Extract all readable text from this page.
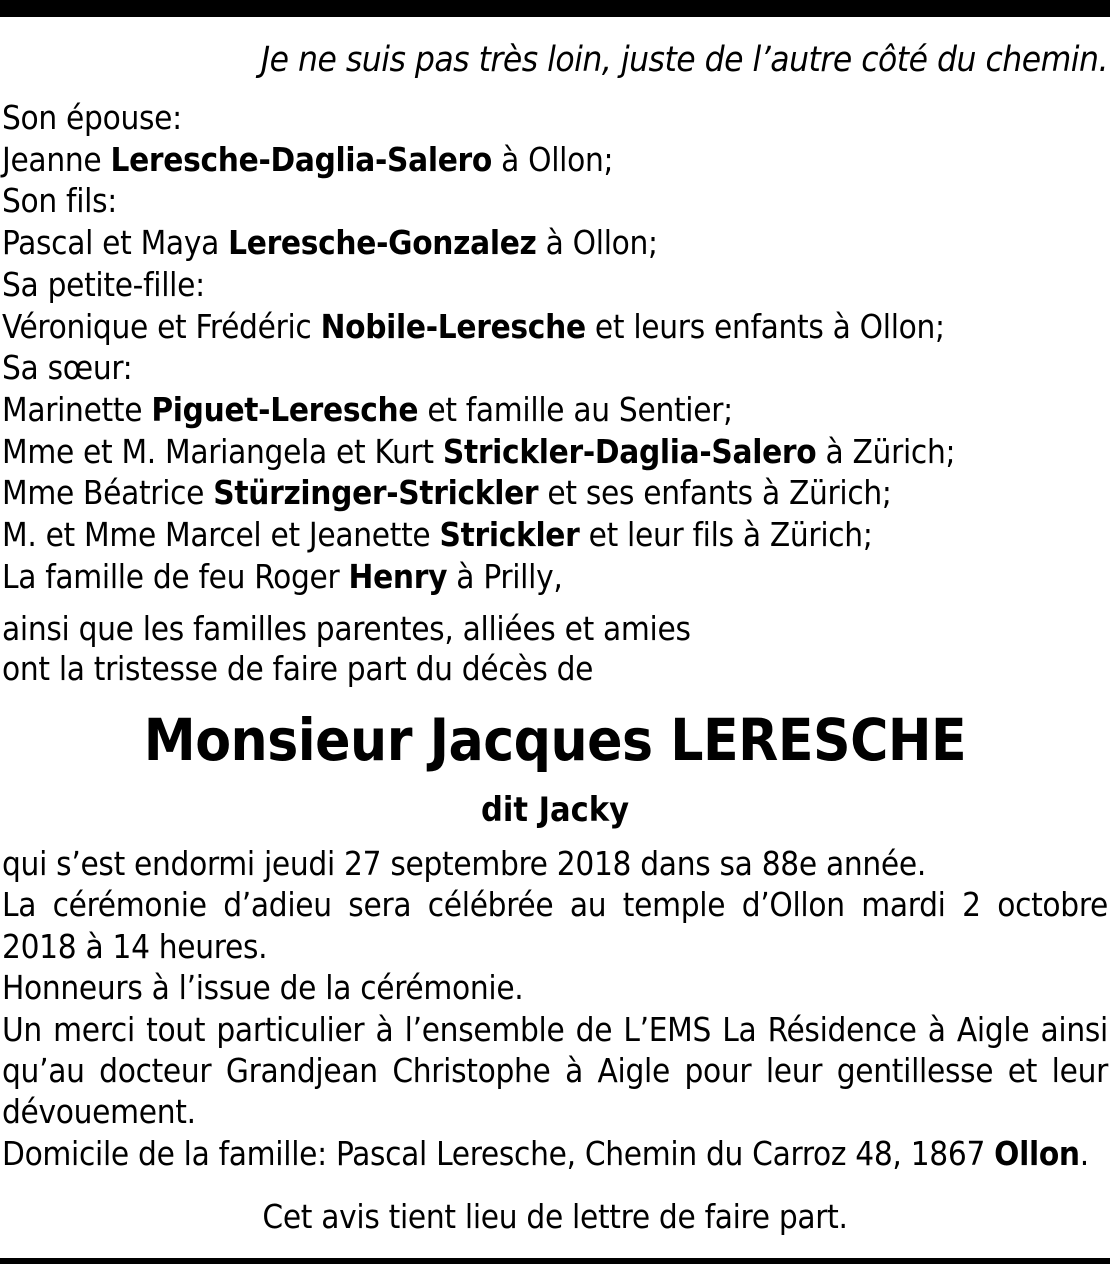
Je ne suis pas très loin, juste de l’autre côté du chemin.
Son épouse:
Jeanne Leresche-Daglia-Salero à Ollon;
Son fils:
Pascal et Maya Leresche-Gonzalez à Ollon;
Sa petite-fille:
Véronique et Frédéric Nobile-Leresche et leurs enfants à Ollon;
Sa sœur:
Marinette Piguet-Leresche et famille au Sentier;
Mme et M. Mariangela et Kurt Strickler-Daglia-Salero à Zürich;
Mme Béatrice Stürzinger-Strickler et ses enfants à Zürich;
M. et Mme Marcel et Jeanette Strickler et leur fils à Zürich;
La famille de feu Roger Henry à Prilly,
ainsi que les familles parentes, alliées et amies
ont la tristesse de faire part du décès de
Monsieur Jacques LERESCHE
dit Jacky
qui s’est endormi jeudi 27 septembre 2018 dans sa 88e année.
La cérémonie d’adieu sera célébrée au temple d’Ollon mardi 2 octobre
2018 à 14 heures.
Honneurs à l’issue de la cérémonie.
Un merci tout particulier à l’ensemble de L’EMS La Résidence à Aigle ainsi
qu’au docteur Grandjean Christophe à Aigle pour leur gentillesse et leur
dévouement.
Domicile de la famille: Pascal Leresche, Chemin du Carroz 48, 1867 Ollon.
Cet avis tient lieu de lettre de faire part.
